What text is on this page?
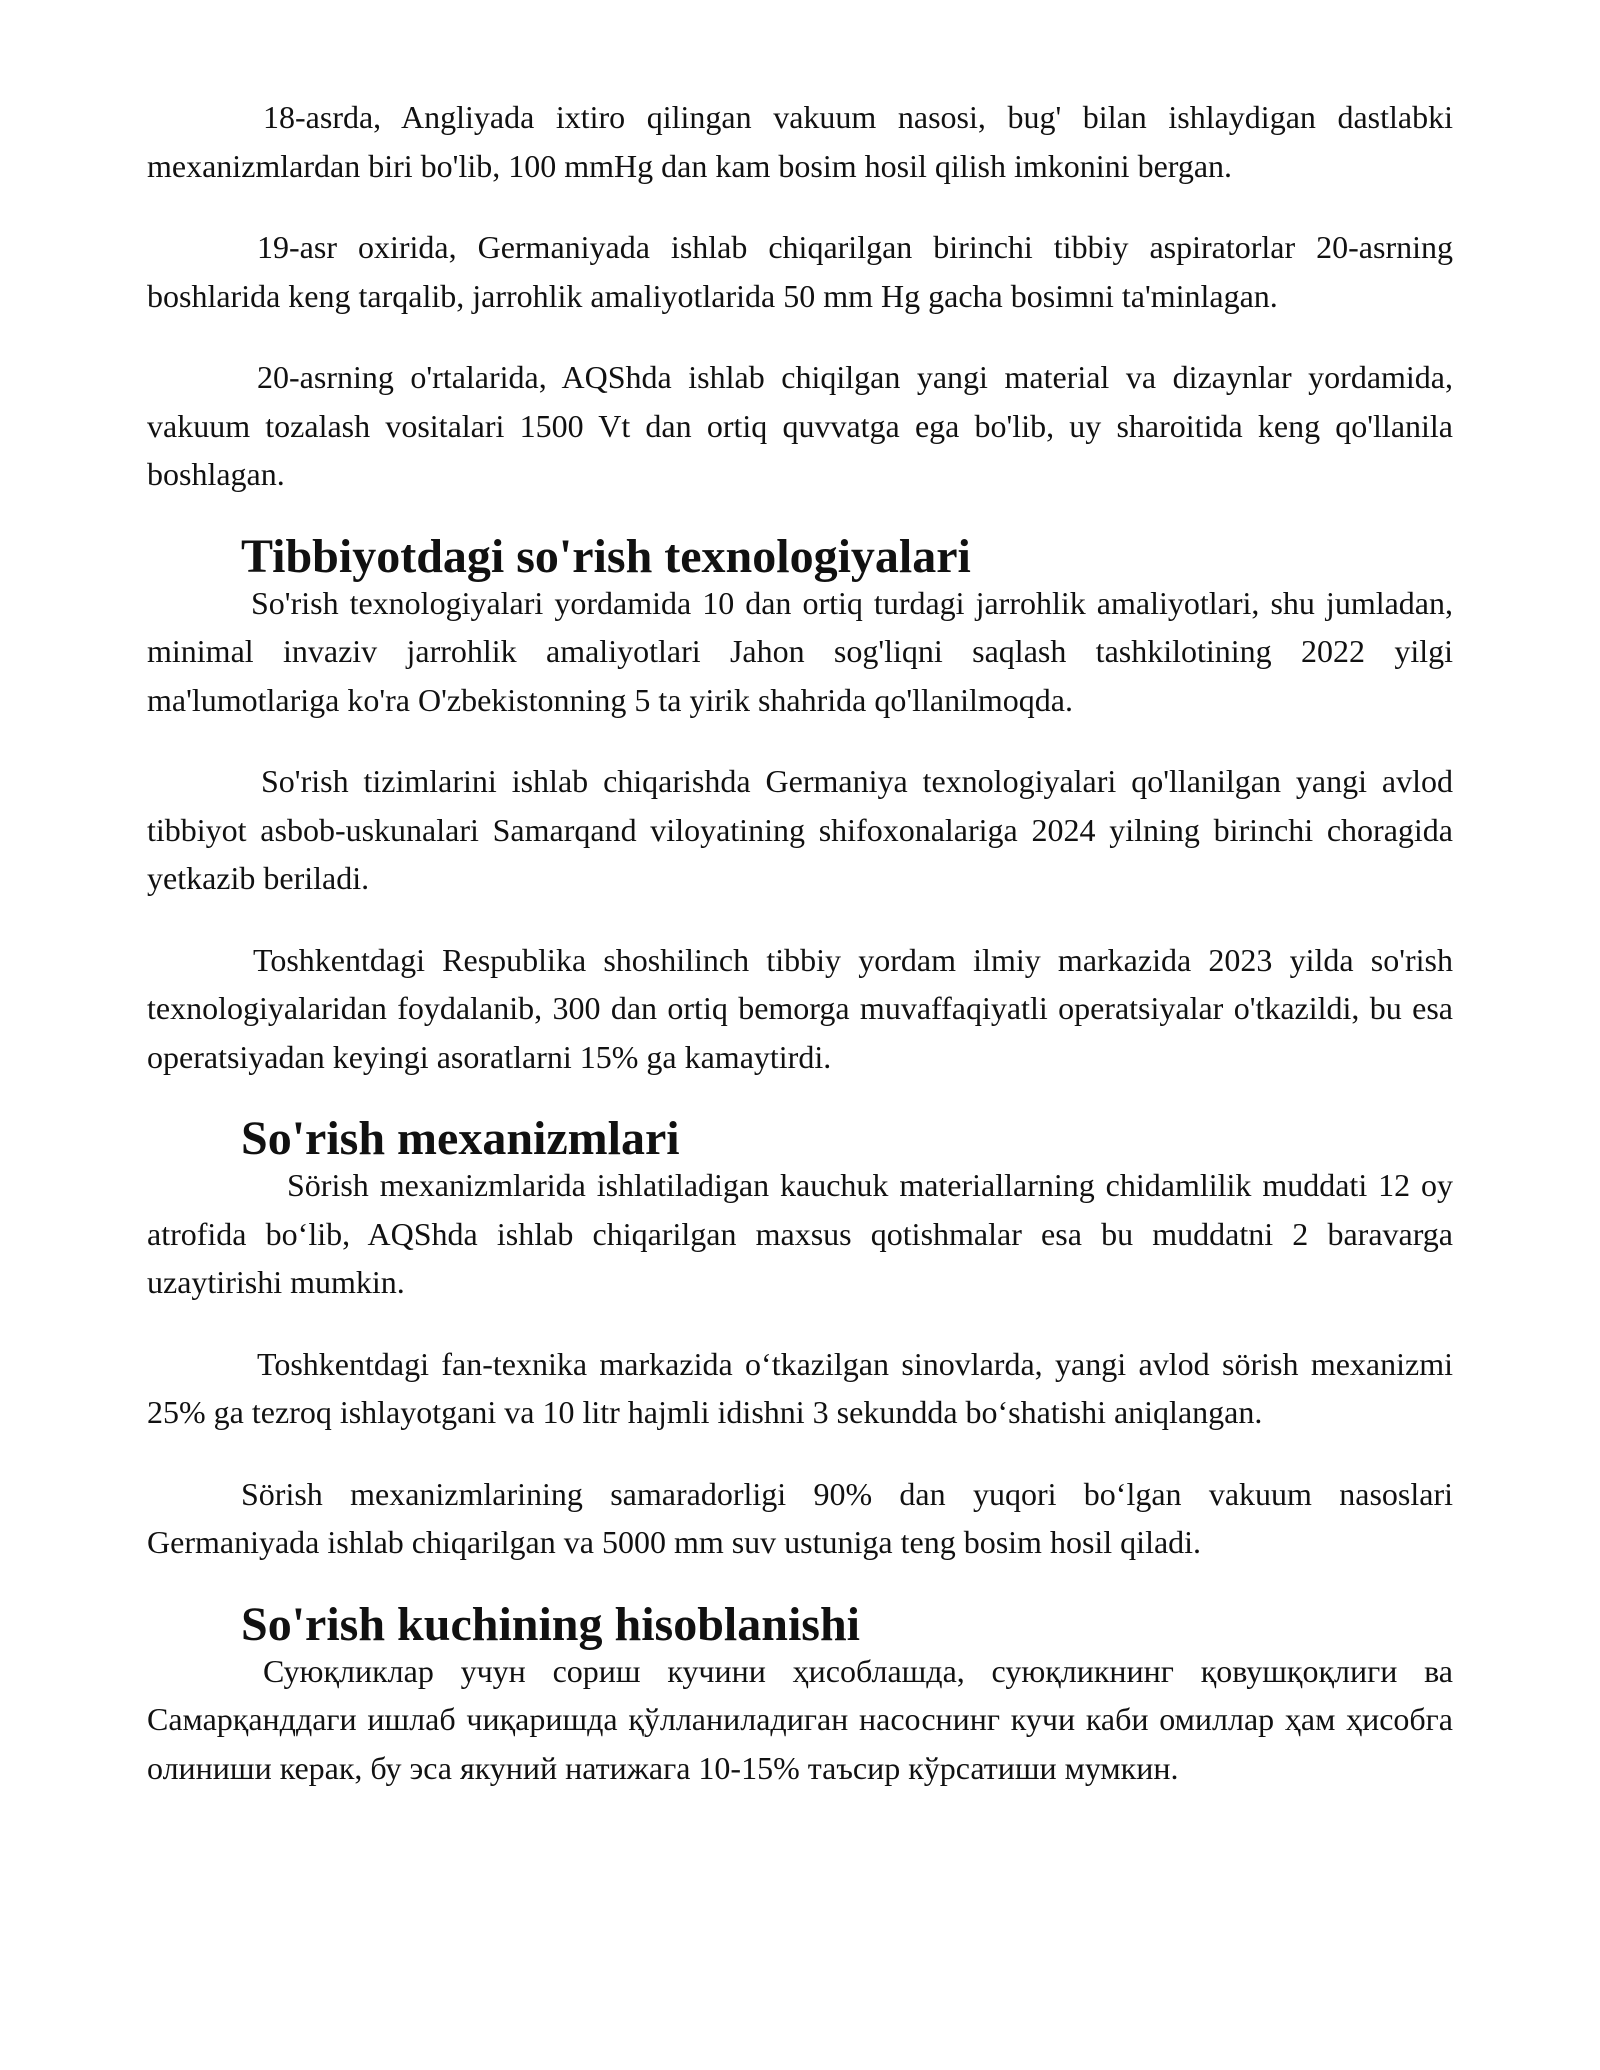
18-asrda, Angliyada ixtiro qilingan vakuum nasosi, bug' bilan ishlaydigan dastlabki mexanizmlardan biri bo'lib, 100 mmHg dan kam bosim hosil qilish imkonini bergan.

19-asr oxirida, Germaniyada ishlab chiqarilgan birinchi tibbiy aspiratorlar 20-asrning boshlarida keng tarqalib, jarrohlik amaliyotlarida 50 mm Hg gacha bosimni ta'minlagan.

20-asrning o'rtalarida, AQShda ishlab chiqilgan yangi material va dizaynlar yordamida, vakuum tozalash vositalari 1500 Vt dan ortiq quvvatga ega bo'lib, uy sharoitida keng qo'llanila boshlagan.

Tibbiyotdagi so'rish texnologiyalari

So'rish texnologiyalari yordamida 10 dan ortiq turdagi jarrohlik amaliyotlari, shu jumladan, minimal invaziv jarrohlik amaliyotlari Jahon sog'liqni saqlash tashkilotining 2022 yilgi ma'lumotlariga ko'ra O'zbekistonning 5 ta yirik shahrida qo'llanilmoqda.

So'rish tizimlarini ishlab chiqarishda Germaniya texnologiyalari qo'llanilgan yangi avlod tibbiyot asbob-uskunalari Samarqand viloyatining shifoxonalariga 2024 yilning birinchi choragida yetkazib beriladi.

Toshkentdagi Respublika shoshilinch tibbiy yordam ilmiy markazida 2023 yilda so'rish texnologiyalaridan foydalanib, 300 dan ortiq bemorga muvaffaqiyatli operatsiyalar o'tkazildi, bu esa operatsiyadan keyingi asoratlarni 15% ga kamaytirdi.

So'rish mexanizmlari

Sörish mexanizmlarida ishlatiladigan kauchuk materiallarning chidamlilik muddati 12 oy atrofida bo‘lib, AQShda ishlab chiqarilgan maxsus qotishmalar esa bu muddatni 2 baravarga uzaytirishi mumkin.

Toshkentdagi fan-texnika markazida o‘tkazilgan sinovlarda, yangi avlod sörish mexanizmi 25% ga tezroq ishlayotgani va 10 litr hajmli idishni 3 sekundda bo‘shatishi aniqlangan.

Sörish mexanizmlarining samaradorligi 90% dan yuqori bo‘lgan vakuum nasoslari Germaniyada ishlab chiqarilgan va 5000 mm suv ustuniga teng bosim hosil qiladi.

So'rish kuchining hisoblanishi

Суюқликлар учун сориш кучини ҳисоблашда, суюқликнинг қовушқоқлиги ва Самарқанддаги ишлаб чиқаришда қўлланиладиган насоснинг кучи каби омиллар ҳам ҳисобга олиниши керак, бу эса якуний натижага 10-15% таъсир кўрсатиши мумкин.
